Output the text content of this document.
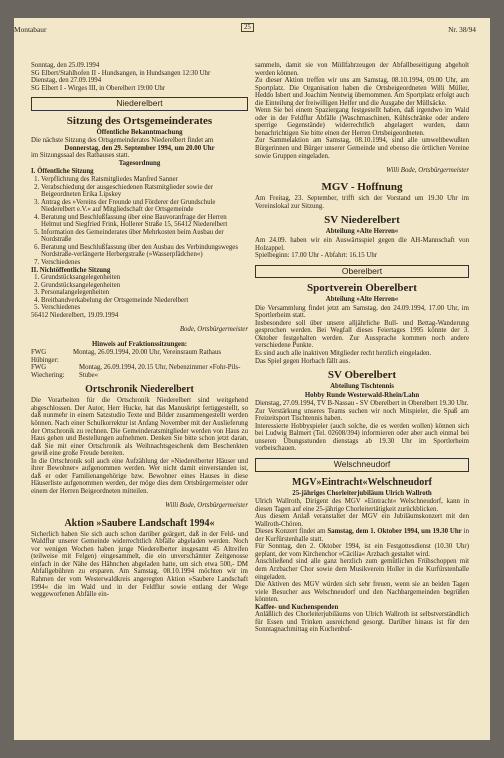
Montabaur	25	Nr. 38/94

Sonntag, den 25.09.1994

SG Elbert/Stahlhofen II - Hundsangen, in Hundsangen 12:30 Uhr

Dienstag, den 27.09.1994

SG Elbert I - Wirges III, in Oberelbert 19:00 Uhr

Niederelbert
Sitzung des Ortsgemeinderates

Öffentliche Bekanntmachung

Die nächste Sitzung des Ortsgemeinderates Niederelbert findet am

Donnerstag, den 29. September 1994, um 20.00 Uhr

im Sitzungssaal des Rathauses statt.

Tagesordnung

I. Öffentliche Sitzung

1. Verpflichtung des Ratsmitgliedes Manfred Sanner
2. Verabschiedung der ausgeschiedenen Ratsmitglieder sowie der Beigeordneten Erika Lipskey
3. Antrag des »Vereins der Freunde und Förderer der Grundschule Niederelbert e.V.« auf Mitgliedschaft der Ortsgemeinde
4. Beratung und Beschlußfassung über eine Bauvoranfrage der Herren Helmut und Siegfried Frink, Hollerer Straße 15, 56412 Niederelbert
5. Information des Gemeinderates über Mehrkosten beim Ausbau der Nordstraße
6. Beratung und Beschlußfassung über den Ausbau des Verbindungsweges Nordstraße-verlängerte Herbergstraße (»Wasserpfädchen«)
7. Verschiedenes

II. Nichtöffentliche Sitzung

1. Grundstücksangelegenheiten
2. Grundstücksangelegenheiten
3. Personalangelegenheiten
4. Breitbandverkabelung der Ortsgemeinde Niederelbert
5. Verschiedenes

56412 Niederelbert, 19.09.1994

Bode, Ortsbürgermeister

Hinweis auf Fraktionssitzungen:

FWG Hübinger:
Montag, 26.09.1994, 20.00 Uhr, Vereinsraum Rathaus
FWG Wiechering:
Montag, 26.09.1994, 20.15 Uhr, Nebenzimmer »Fohr-Pils-Stube«
Ortschronik Niederelbert

Die Vorarbeiten für die Ortschronik Niederelbert sind weitgehend abgeschlossen. Der Autor, Herr Hucke, hat das Manuskript fertiggestellt, so daß nunmehr in einem Satzstudio Texte und Bilder zusammengestellt werden können. Nach einer Schulkorrektur ist Anfang November mit der Auslieferung der Ortschronik zu rechnen. Die Gemeinderatsmitglieder werden von Haus zu Haus gehen und Bestellungen aufnehmen. Denken Sie bitte schon jetzt daran, daß Sie mit einer Ortschronik als Weihnachtsgeschenk dem Beschenkten gewiß eine große Freude bereiten.

In die Ortschronik soll auch eine Aufzählung der »Niederelberter Häuser und ihrer Bewohner« aufgenommen werden. Wer nicht damit einverstanden ist, daß er oder Familienangehörige bzw. Bewohner eines Hauses in diese Häuserliste aufgenommen werden, der möge dies dem Ortsbürgermeister oder einem der Herren Beigeordneten mitteilen.

Willi Bode, Ortsbürgermeister

Aktion »Saubere Landschaft 1994«

Sicherlich haben Sie sich auch schon darüber geärgert, daß in der Feld- und Waldflur unserer Gemeinde widerrechtlich Abfälle abgeladen werden. Noch vor wenigen Wochen haben junge Niederelberter insgesamt 45 Altreifen (teilweise mit Felgen) eingesammelt, die ein unverschämter Zeitgenosse einfach in der Nähe des Hähnchen abgeladen hatte, um sich etwa 500,- DM Abfallgebühren zu ersparen. Am Samstag, 08.10.1994 möchten wir im Rahmen der vom Westerwaldkreis angeregten Aktion »Saubere Landschaft 1994« die im Wald und in der Feldflur sowie entlang der Wege weggeworfenen Abfälle ein-

sammeln, damit sie von Müllfahrzeugen der Abfallbeseitigung abgeholt werden können.

Zu dieser Aktion treffen wir uns am Samstag, 08.10.1994, 09.00 Uhr, am Sportplatz. Die Organisation haben die Ortsbeigeordneten Willi Müller, Heddo Isbert und Joachim Nentwig übernommen. Am Sportplatz erfolgt auch die Einteilung der freiwilligen Helfer und die Ausgabe der Müllsäcke.

Wenn Sie bei einem Spaziergang festgestellt haben, daß irgendwo im Wald oder in der Feldflur Abfälle (Waschmaschinen, Kühlschränke oder andere sperrige Gegenstände) widerrechtlich abgelagert wurden, dann benachrichtigen Sie bitte einen der Herren Ortsbeigeordneten.

Zur Sammelaktion am Samstag, 08.10.1994, sind alle umweltbewußten Bürgerinnen und Bürger unserer Gemeinde und ebenso die örtlichen Vereine sowie Gruppen eingeladen.

Willi Bode, Ortsbürgermeister

MGV - Hoffnung

Am Freitag, 23. September, trifft sich der Vorstand um 19.30 Uhr im Vereinslokal zur Sitzung.

SV Niederelbert

Abteilung »Alte Herren«

Am 24.09. haben wir ein Auswärtsspiel gegen die AH-Mannschaft von Holzappel.

Spielbeginn: 17.00 Uhr - Abfahrt: 16.15 Uhr

Oberelbert
Sportverein Oberelbert

Abteilung »Alte Herren«

Die Versammlung findet jetzt am Samstag, den 24.09.1994, 17.00 Uhr, im Sportlerheim statt.

Insbesondere soll über unsere alljährliche Bull- und Bettag-Wanderung gesprochen werden. Bei Wegfall dieses Feiertages 1995 könnte der 3. Oktober festgehalten werden. Zur Aussprache kommen noch andere verschiedene Punkte.

Es sind auch alle inaktiven Mitglieder recht herzlich eingeladen.

Das Spiel gegen Horbach fällt aus.

SV Oberelbert

Abteilung Tischtennis

Hobby Runde Westerwald-Rhein/Lahn

Dienstag, 27.09.1994, TV B-Nassau - SV Oberelbert in Oberelbert 19.30 Uhr.

Zur Verstärkung unseres Teams suchen wir noch Mitspieler, die Spaß am Freizeitsport Tischtennis haben.

Interessierte Hobbyspieler (auch solche, die es werden wollen) können sich bei Ludwig Balmert (Tel. 02608/394) informieren oder aber auch einmal bei unseren Übungsstunden dienstags ab 19.30 Uhr im Sportlerheim vorbeischauen.

Welschneudorf
MGV»Eintracht«Welschneudorf

25-jähriges Chorleiterjubiläum Ulrich Wallroth

Ulrich Wallroth, Dirigent des MGV »Eintracht« Welschneudorf, kann in diesen Tagen auf eine 25-jährige Chorleitertätigkeit zurückblicken.

Aus diesem Anlaß veranstaltet der MGV ein Jubiläumskonzert mit den Wallroth-Chören.

Dieses Konzert findet am Samstag, dem 1. Oktober 1994, um 19.30 Uhr in der Kurfürstenhalle statt.

Für Sonntag, den 2. Oktober 1994, ist ein Festgottesdienst (10.30 Uhr) geplant, der vom Kirchenchor »Cäcilia« Arzbach gestaltet wird.

Anschließend sind alle ganz herzlich zum gemütlichen Frühschoppen mit dem Arzbacher Chor sowie dem Musikverein Holler in die Kurfürstenhalle eingeladen.

Die Aktiven des MGV würden sich sehr freuen, wenn sie an beiden Tagen viele Besucher aus Welschneudorf und den Nachbargemeinden begrüßen könnten.

Kaffee- und Kuchenspenden

Anläßlich des Chorleiterjubiläums von Ulrich Wallroth ist selbstverständlich für Essen und Trinken ausreichend gesorgt. Darüber hinaus ist für den Sonntagnachmittag ein Kuchenbuf-
